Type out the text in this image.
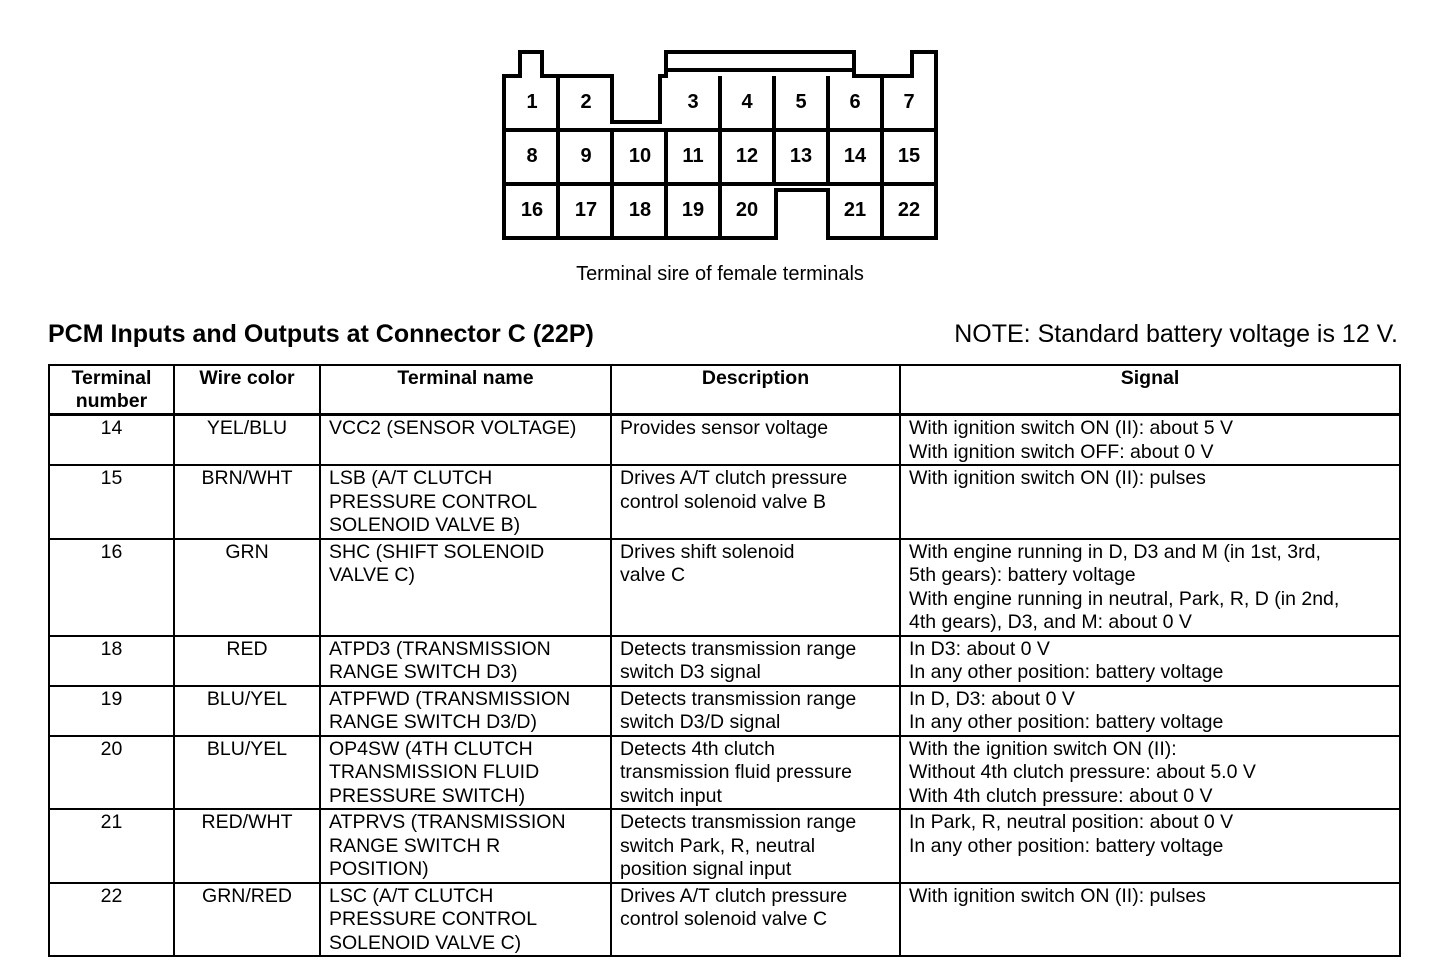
1 2	3 4 5 6 7
8 9 10 11 12 13 14 15
16 17 18 19 20	21 22
Terminal sire of female terminals
PCM Inputs and Outputs at Connector C (22P)	NOTE: Standard battery voltage is 12 V.
Terminal
number	Wire color	Terminal name	Description	Signal
14	YEL/BLU	VCC2 (SENSOR VOLTAGE)	Provides sensor voltage	With ignition switch ON (II): about 5 V
With ignition switch OFF: about 0 V

15	BRN/WHT	LSB (A/T CLUTCH
PRESSURE CONTROL
SOLENOID VALVE B)	Drives A/T clutch pressure
control solenoid valve B	With ignition switch ON (II): pulses

16	GRN	SHC (SHIFT SOLENOID
VALVE C)	Drives shift solenoid
valve C	With engine running in D, D3 and M (in 1st, 3rd,
5th gears): battery voltage
With engine running in neutral, Park, R, D (in 2nd,
4th gears), D3, and M: about 0 V

18	RED	ATPD3 (TRANSMISSION
RANGE SWITCH D3)	Detects transmission range
switch D3 signal	In D3: about 0 V
In any other position: battery voltage

19	BLU/YEL	ATPFWD (TRANSMISSION
RANGE SWITCH D3/D)	Detects transmission range
switch D3/D signal	In D, D3: about 0 V
In any other position: battery voltage

20	BLU/YEL	OP4SW (4TH CLUTCH
TRANSMISSION FLUID
PRESSURE SWITCH)	Detects 4th clutch
transmission fluid pressure
switch input	With the ignition switch ON (II):
Without 4th clutch pressure: about 5.0 V
With 4th clutch pressure: about 0 V

21	RED/WHT	ATPRVS (TRANSMISSION
RANGE SWITCH R
POSITION)	Detects transmission range
switch Park, R, neutral
position signal input	In Park, R, neutral position: about 0 V
In any other position: battery voltage

22	GRN/RED	LSC (A/T CLUTCH
PRESSURE CONTROL
SOLENOID VALVE C)	Drives A/T clutch pressure
control solenoid valve C	With ignition switch ON (II): pulses
